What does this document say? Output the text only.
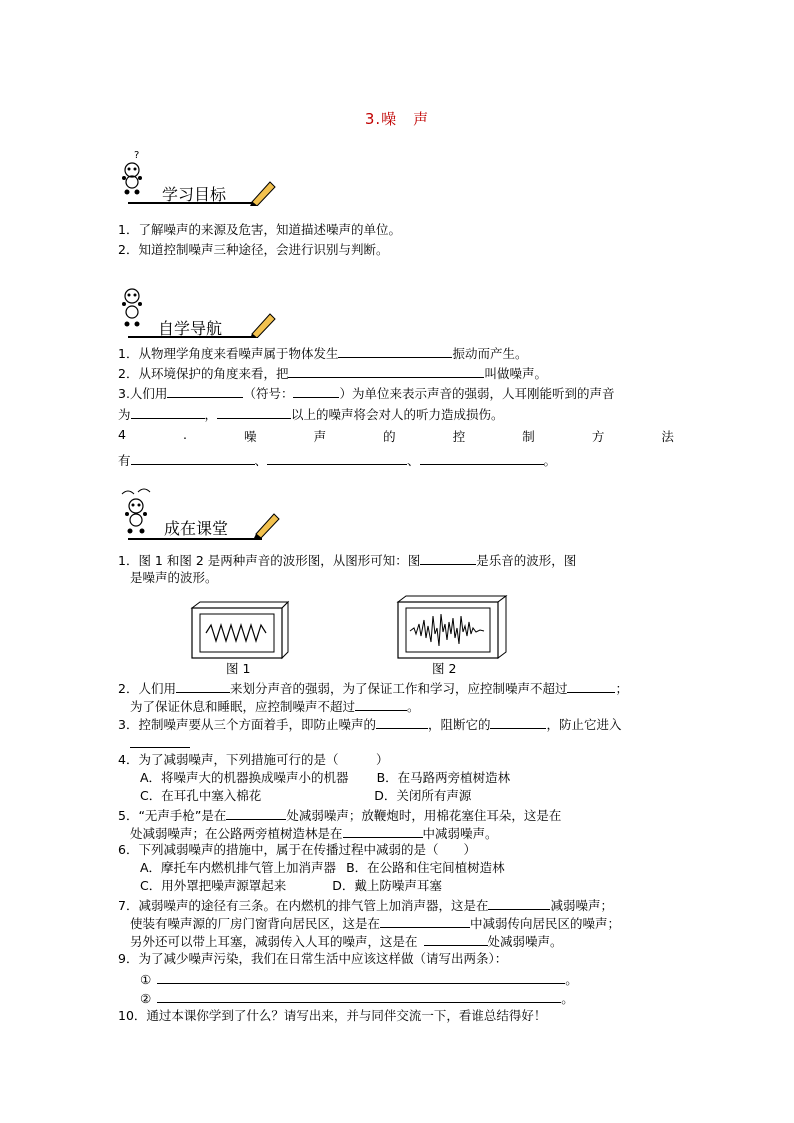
3.噪　声
?
学习目标
1．了解噪声的来源及危害，知道描述噪声的单位。
2．知道控制噪声三种途径，会进行识别与判断。
自学导航
1．从物理学角度来看噪声属于物体发生	振动而产生。
2．从环境保护的角度来看，把	叫做噪声。
3.人们用	（符号：	）为单位来表示声音的强弱，人耳刚能听到的声音
为	，	以上的噪声将会对人的听力造成损伤。
4	.	噪	声	的	控	制	方	法
有	、	、	。
成在课堂
1．图 1 和图 2 是两种声音的波形图，从图形可知：图	是乐音的波形，图
是噪声的波形。
图 1	图 2
2．人们用	来划分声音的强弱，为了保证工作和学习，应控制噪声不超过	；
为了保证休息和睡眠，应控制噪声不超过	。
3．控制噪声要从三个方面着手，即防止噪声的	，阻断它的	，防止它进入
4．为了减弱噪声，下列措施可行的是（　　　）
A．将噪声大的机器换成噪声小的机器 B．在马路两旁植树造林
C．在耳孔中塞入棉花	D．关闭所有声源
5．“无声手枪”是在	处减弱噪声；放鞭炮时，用棉花塞住耳朵，这是在
处减弱噪声；在公路两旁植树造林是在	中减弱噪声。
6．下列减弱噪声的措施中，属于在传播过程中减弱的是（　　）
A．摩托车内燃机排气管上加消声器 B．在公路和住宅间植树造林
C．用外罩把噪声源罩起来	D．戴上防噪声耳塞
7．减弱噪声的途径有三条。在内燃机的排气管上加消声器，这是在	减弱噪声；
使装有噪声源的厂房门窗背向居民区，这是在	中减弱传向居民区的噪声；
另外还可以带上耳塞，减弱传入人耳的噪声，这是在	处减弱噪声。
9．为了减少噪声污染，我们在日常生活中应该这样做（请写出两条）：
①	。
②	。
10．通过本课你学到了什么？请写出来，并与同伴交流一下，看谁总结得好！
